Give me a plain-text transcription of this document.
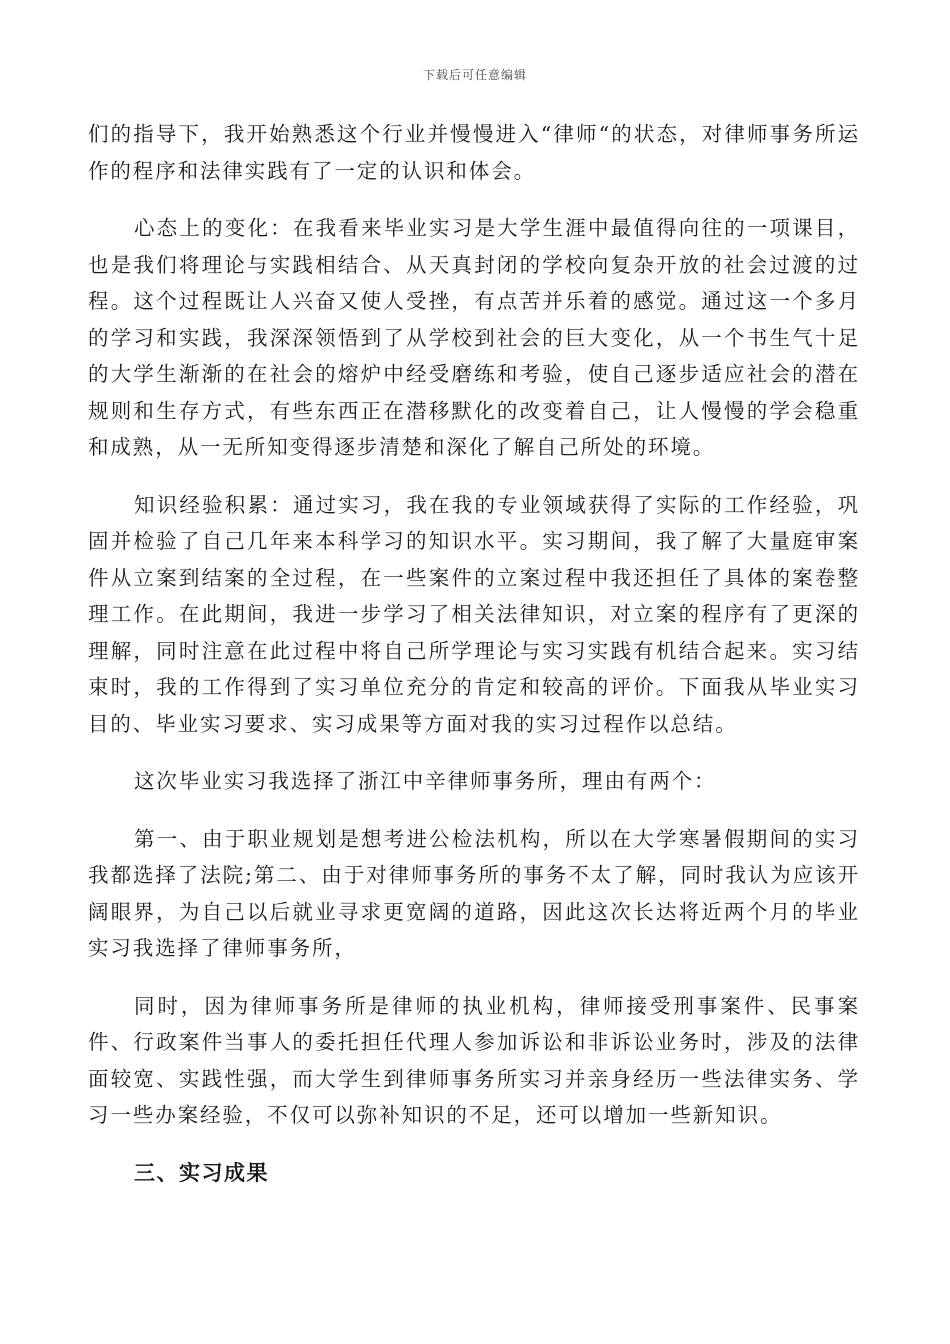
下载后可任意编辑

们的指导下，我开始熟悉这个行业并慢慢进入“律师“的状态，对律师事务所运作的程序和法律实践有了一定的认识和体会。

心态上的变化：在我看来毕业实习是大学生涯中最值得向往的一项课目，也是我们将理论与实践相结合、从天真封闭的学校向复杂开放的社会过渡的过程。这个过程既让人兴奋又使人受挫，有点苦并乐着的感觉。通过这一个多月的学习和实践，我深深领悟到了从学校到社会的巨大变化，从一个书生气十足的大学生渐渐的在社会的熔炉中经受磨练和考验，使自己逐步适应社会的潜在规则和生存方式，有些东西正在潜移默化的改变着自己，让人慢慢的学会稳重和成熟，从一无所知变得逐步清楚和深化了解自己所处的环境。

知识经验积累：通过实习，我在我的专业领域获得了实际的工作经验，巩固并检验了自己几年来本科学习的知识水平。实习期间，我了解了大量庭审案件从立案到结案的全过程，在一些案件的立案过程中我还担任了具体的案卷整理工作。在此期间，我进一步学习了相关法律知识，对立案的程序有了更深的理解，同时注意在此过程中将自己所学理论与实习实践有机结合起来。实习结束时，我的工作得到了实习单位充分的肯定和较高的评价。下面我从毕业实习目的、毕业实习要求、实习成果等方面对我的实习过程作以总结。

这次毕业实习我选择了浙江中辛律师事务所，理由有两个：

第一、由于职业规划是想考进公检法机构，所以在大学寒暑假期间的实习我都选择了法院;第二、由于对律师事务所的事务不太了解，同时我认为应该开阔眼界，为自己以后就业寻求更宽阔的道路，因此这次长达将近两个月的毕业实习我选择了律师事务所，

同时，因为律师事务所是律师的执业机构，律师接受刑事案件、民事案件、行政案件当事人的委托担任代理人参加诉讼和非诉讼业务时，涉及的法律面较宽、实践性强，而大学生到律师事务所实习并亲身经历一些法律实务、学习一些办案经验，不仅可以弥补知识的不足，还可以增加一些新知识。

三、实习成果
